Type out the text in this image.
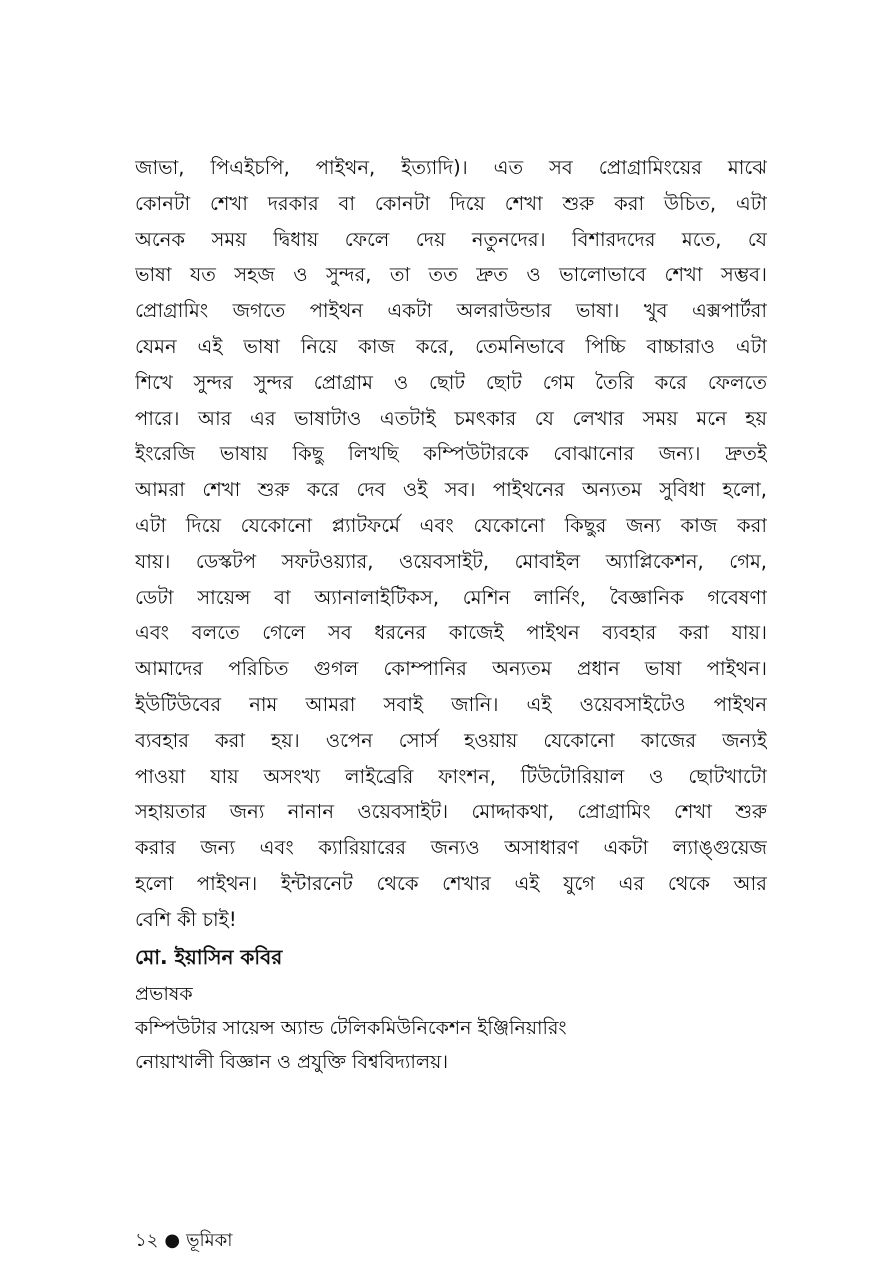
জাভা, পিএইচপি, পাইথন, ইত্যাদি)। এত সব প্রোগ্রামিংয়ের মাঝে
কোনটা শেখা দরকার বা কোনটা দিয়ে শেখা শুরু করা উচিত, এটা
অনেক সময় দ্বিধায় ফেলে দেয় নতুনদের। বিশারদদের মতে, যে
ভাষা যত সহজ ও সুন্দর, তা তত দ্রুত ও ভালোভাবে শেখা সম্ভব।
প্রোগ্রামিং জগতে পাইথন একটা অলরাউন্ডার ভাষা। খুব এক্সপার্টরা
যেমন এই ভাষা নিয়ে কাজ করে, তেমনিভাবে পিচ্চি বাচ্চারাও এটা
শিখে সুন্দর সুন্দর প্রোগ্রাম ও ছোট ছোট গেম তৈরি করে ফেলতে
পারে। আর এর ভাষাটাও এতটাই চমৎকার যে লেখার সময় মনে হয়
ইংরেজি ভাষায় কিছু লিখছি কম্পিউটারকে বোঝানোর জন্য। দ্রুতই
আমরা শেখা শুরু করে দেব ওই সব। পাইথনের অন্যতম সুবিধা হলো,
এটা দিয়ে যেকোনো প্ল্যাটফর্মে এবং যেকোনো কিছুর জন্য কাজ করা
যায়। ডেস্কটপ সফটওয়্যার, ওয়েবসাইট, মোবাইল অ্যাপ্লিকেশন, গেম,
ডেটা সায়েন্স বা অ্যানালাইটিকস, মেশিন লার্নিং, বৈজ্ঞানিক গবেষণা
এবং বলতে গেলে সব ধরনের কাজেই পাইথন ব্যবহার করা যায়।
আমাদের পরিচিত গুগল কোম্পানির অন্যতম প্রধান ভাষা পাইথন।
ইউটিউবের নাম আমরা সবাই জানি। এই ওয়েবসাইটেও পাইথন
ব্যবহার করা হয়। ওপেন সোর্স হওয়ায় যেকোনো কাজের জন্যই
পাওয়া যায় অসংখ্য লাইব্রেরি ফাংশন, টিউটোরিয়াল ও ছোটখাটো
সহায়তার জন্য নানান ওয়েবসাইট। মোদ্দাকথা, প্রোগ্রামিং শেখা শুরু
করার জন্য এবং ক্যারিয়ারের জন্যও অসাধারণ একটা ল্যাঙ্গুয়েজ
হলো পাইথন। ইন্টারনেট থেকে শেখার এই যুগে এর থেকে আর
বেশি কী চাই!
মো. ইয়াসিন কবির
প্রভাষক
কম্পিউটার সায়েন্স অ্যান্ড টেলিকমিউনিকেশন ইঞ্জিনিয়ারিং
নোয়াখালী বিজ্ঞান ও প্রযুক্তি বিশ্ববিদ্যালয়।
১২ ● ভূমিকা
